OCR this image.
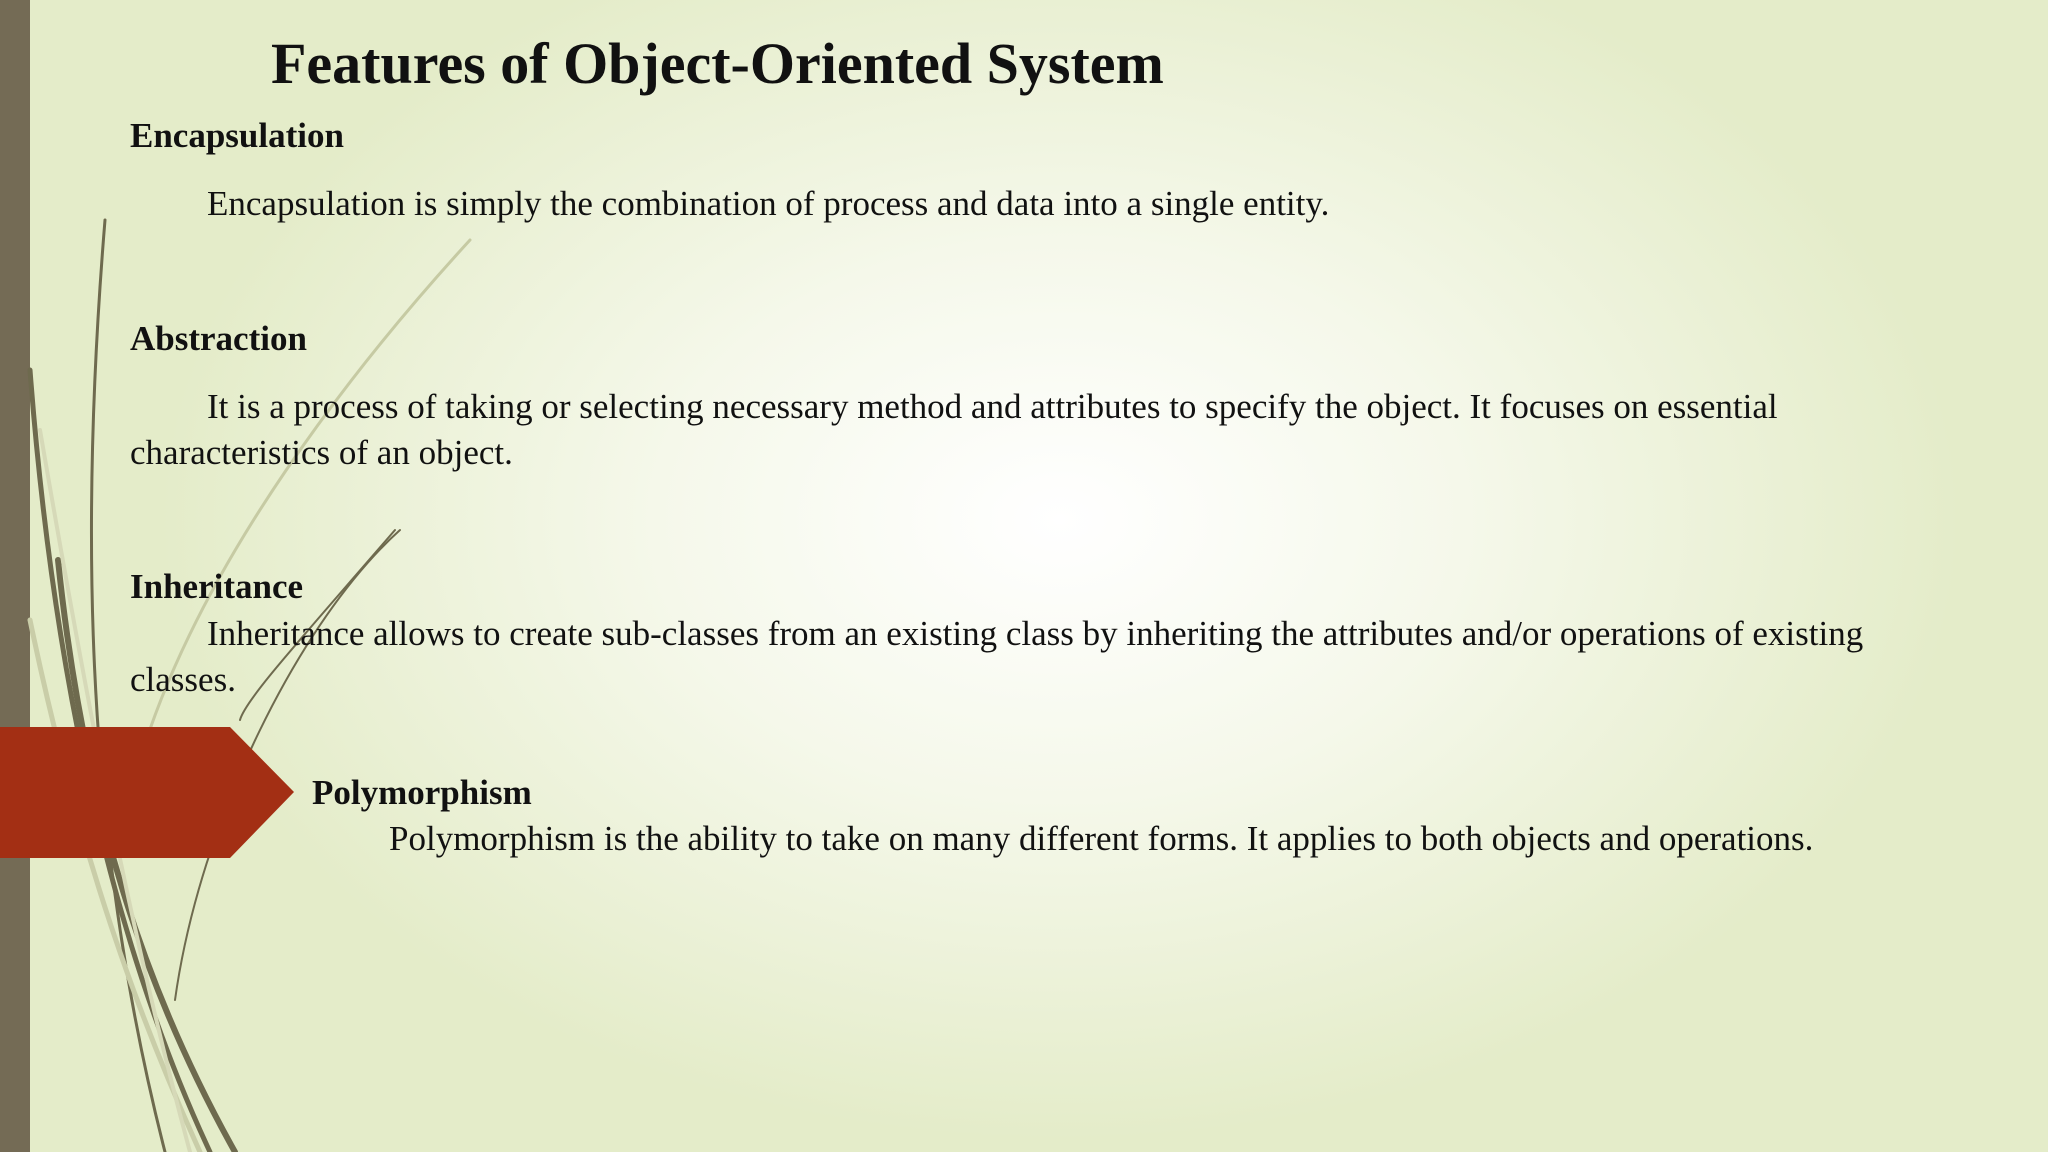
Features of Object-Oriented System
Encapsulation

Encapsulation is simply the combination of process and data into a single entity.

Abstraction

It is a process of taking or selecting necessary method and attributes to specify the object. It focuses on essential characteristics of an object.

Inheritance

Inheritance allows to create sub-classes from an existing class by inheriting the attributes and/or operations of existing classes.

Polymorphism

Polymorphism is the ability to take on many different forms. It applies to both objects and operations.
